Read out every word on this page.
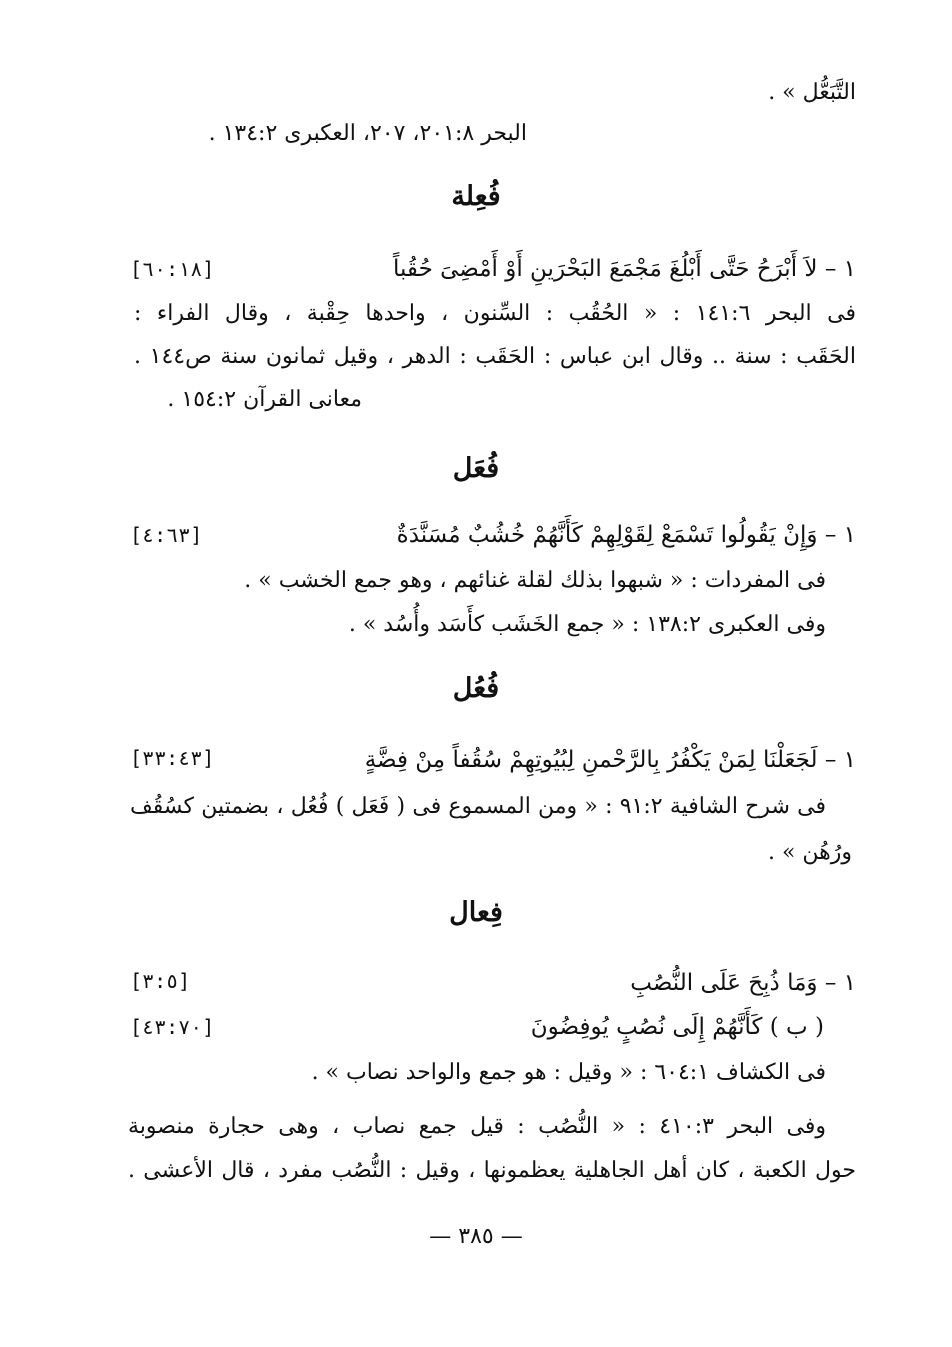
التَّبَعُّل » .
البحر ٢٠١:٨، ٢٠٧، العكبرى ١٣٤:٢ .
فُعِلة
١ – لاَ أَبْرَحُ حَتَّى أَبْلُغَ مَجْمَعَ البَحْرَينِ أَوْ أَمْضِىَ حُقُباً
[٦٠:١٨]
فى البحر ١٤١:٦ : « الحُقُب : السِّنون ، واحدها حِقْبة ، وقال الفراء :
الحَقَب : سنة .. وقال ابن عباس : الحَقَب : الدهر ، وقيل ثمانون سنة ص١٤٤ .
معانى القرآن ١٥٤:٢ .
فُعَل
١ – وَإِنْ يَقُولُوا تَسْمَعْ لِقَوْلِهِمْ كَأَنَّهُمْ خُشُبٌ مُسَنَّدَةٌ
[٤:٦٣]
فى المفردات : « شبهوا بذلك لقلة غنائهم ، وهو جمع الخشب » .
وفى العكبرى ١٣٨:٢ : « جمع الخَشَب كأَسَد وأُسُد » .
فُعُل
١ – لَجَعَلْنَا لِمَنْ يَكْفُرُ بِالرَّحْمنِ لِبُيُوتِهِمْ سُقُفاً مِنْ فِضَّةٍ
[٣٣:٤٣]
فى شرح الشافية ٩١:٢ : « ومن المسموع فى ( فَعَل ) فُعُل ، بضمتين كسُقُف
ورُهُن » .
فِعال
١ – وَمَا ذُبِحَ عَلَى النُّصُبِ
[٣:٥]
( ب ) كَأَنَّهُمْ إِلَى نُصُبٍ يُوفِضُونَ
[٤٣:٧٠]
فى الكشاف ٦٠٤:١ : « وقيل : هو جمع والواحد نصاب » .
وفى البحر ٤١٠:٣ : « النُّصُب : قيل جمع نصاب ، وهى حجارة منصوبة
حول الكعبة ، كان أهل الجاهلية يعظمونها ، وقيل : النُّصُب مفرد ، قال الأعشى .
— ٣٨٥ —
